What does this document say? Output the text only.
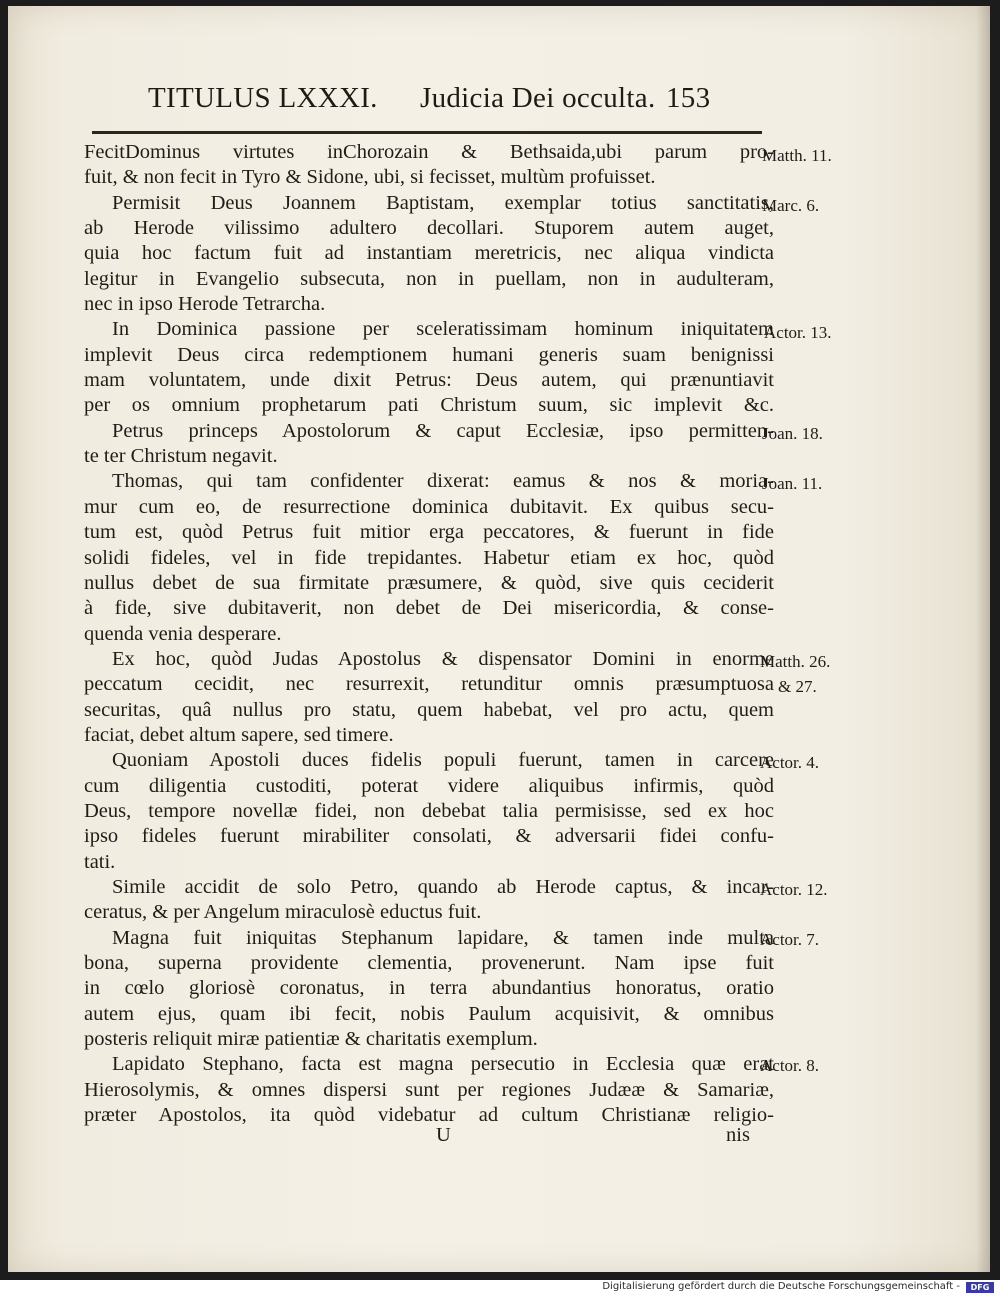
TITULUS LXXXI. Judicia Dei occulta. 153
FecitDominus virtutes inChorozain & Bethsaida,ubi parum pro-
fuit, & non fecit in Tyro & Sidone, ubi, si fecisset, multùm profuisset.
Permisit Deus Joannem Baptistam, exemplar totius sanctitatis,
ab Herode vilissimo adultero decollari. Stuporem autem auget,
quia hoc factum fuit ad instantiam meretricis, nec aliqua vindicta
legitur in Evangelio subsecuta, non in puellam, non in audulteram,
nec in ipso Herode Tetrarcha.
In Dominica passione per sceleratissimam hominum iniquitatem
implevit Deus circa redemptionem humani generis suam benignissi
mam voluntatem, unde dixit Petrus: Deus autem, qui prænuntiavit
per os omnium prophetarum pati Christum suum, sic implevit &c.
Petrus princeps Apostolorum & caput Ecclesiæ, ipso permitten-
te ter Christum negavit.
Thomas, qui tam confidenter dixerat: eamus & nos & moria-
mur cum eo, de resurrectione dominica dubitavit. Ex quibus secu-
tum est, quòd Petrus fuit mitior erga peccatores, & fuerunt in fide
solidi fideles, vel in fide trepidantes. Habetur etiam ex hoc, quòd
nullus debet de sua firmitate præsumere, & quòd, sive quis ceciderit
à fide, sive dubitaverit, non debet de Dei misericordia, & conse-
quenda venia desperare.
Ex hoc, quòd Judas Apostolus & dispensator Domini in enorme
peccatum cecidit, nec resurrexit, retunditur omnis præsumptuosa
securitas, quâ nullus pro statu, quem habebat, vel pro actu, quem
faciat, debet altum sapere, sed timere.
Quoniam Apostoli duces fidelis populi fuerunt, tamen in carcere
cum diligentia custoditi, poterat videre aliquibus infirmis, quòd
Deus, tempore novellæ fidei, non debebat talia permisisse, sed ex hoc
ipso fideles fuerunt mirabiliter consolati, & adversarii fidei confu-
tati.
Simile accidit de solo Petro, quando ab Herode captus, & incar-
ceratus, & per Angelum miraculosè eductus fuit.
Magna fuit iniquitas Stephanum lapidare, & tamen inde multa
bona, superna providente clementia, provenerunt. Nam ipse fuit
in cœlo gloriosè coronatus, in terra abundantius honoratus, oratio
autem ejus, quam ibi fecit, nobis Paulum acquisivit, & omnibus
posteris reliquit miræ patientiæ & charitatis exemplum.
Lapidato Stephano, facta est magna persecutio in Ecclesia quæ erat
Hierosolymis, & omnes dispersi sunt per regiones Judææ & Samariæ,
præter Apostolos, ita quòd videbatur ad cultum Christianæ religio-
Matth. 11.
Marc. 6.
Actor. 13.
Joan. 18.
Joan. 11.
Matth. 26.
& 27.
Actor. 4.
Actor. 12.
Actor. 7.
Actor. 8.
U	nis
Digitalisierung gefördert durch die Deutsche Forschungsgemeinschaft -	DFG
